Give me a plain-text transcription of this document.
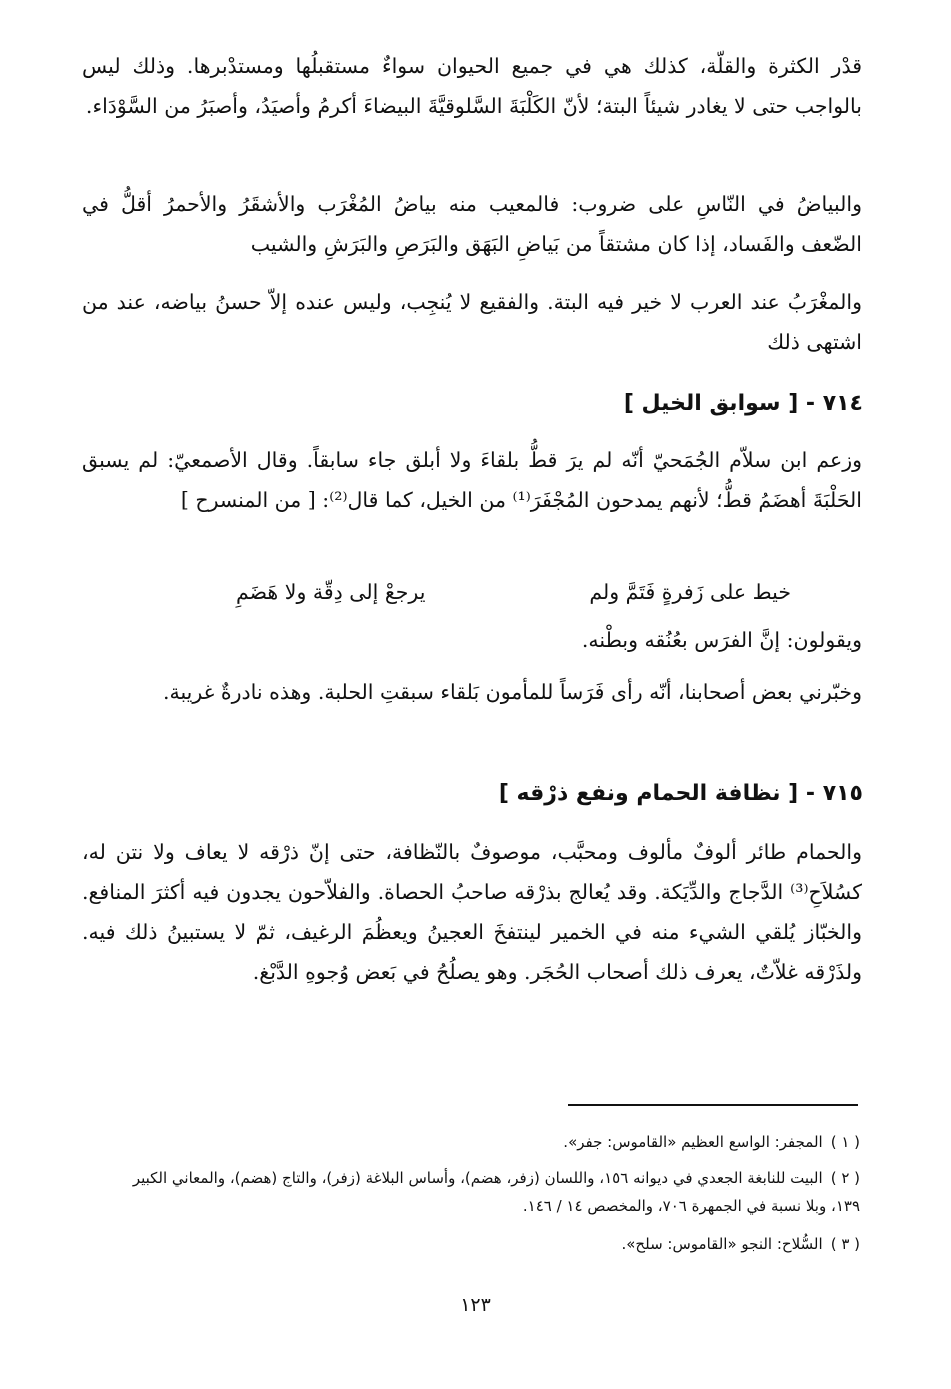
قدْر الكثرة والقلّة، كذلك هي في جميع الحيوان سواءٌ مستقبلُها ومستدْبرها. وذلك ليس بالواجب حتى لا يغادر شيئاً البتة؛ لأنّ الكَلْبَةَ السَّلوقيَّةَ البيضاءَ أكرمُ وأصيَدُ، وأصبَرُ من السَّوْدَاء.

والبياضُ في النّاسِ على ضروب: فالمعيب منه بياضُ المُغْرَب والأشقَرُ والأحمرُ أقلُّ في الضّعف والفَساد، إذا كان مشتقاً من بَياضِ البَهَق والبَرَصِ والبَرَشِ والشيب

والمغْرَبُ عند العرب لا خير فيه البتة. والفقيع لا يُنجِب، وليس عنده إلاّ حسنُ بياضه، عند من اشتهى ذلك

٧١٤ - [ سوابق الخيل ]

وزعم ابن سلاّم الجُمَحيّ أنّه لم يرَ قطُّ بلقاءَ ولا أبلق جاء سابقاً. وقال الأصمعيّ: لم يسبق الحَلْبَةَ أهضَمُ قطُّ؛ لأنهم يمدحون المُجْفَرَ⁽¹⁾ من الخيل، كما قال⁽²⁾: [ من المنسرح ]

خيط على زَفرةٍ فَتَمَّ ولم
يرجعْ إلى دِقّة ولا هَضَمِ

ويقولون: إنَّ الفرَس بعُنُقه وبطْنه.

وخبّرني بعض أصحابنا، أنّه رأى فَرَساً للمأمون بَلقاء سبقتِ الحلبة. وهذه نادرةٌ غريبة.

٧١٥ - [ نظافة الحمام ونفع ذرْقه ]

والحمام طائر ألوفٌ مألوف ومحبَّب، موصوفٌ بالنّظافة، حتى إنّ ذرْقه لا يعاف ولا نتن له، كسُلاَحِ⁽³⁾ الدَّجاج والدِّيَكة. وقد يُعالج بذرْقه صاحبُ الحصاة. والفلاّحون يجدون فيه أكثرَ المنافع. والخبّاز يُلقي الشيء منه في الخمير لينتفخَ العجينُ ويعظُمَ الرغيف، ثمّ لا يستبينُ ذلك فيه. ولذَرْقه غلاّتٌ، يعرف ذلك أصحاب الحُجَر. وهو يصلُحُ في بَعض وُجوهِ الدَّبْغ.

( ١ )المجفر: الواسع العظيم «القاموس: جفر».
( ٢ )البيت للنابغة الجعدي في ديوانه ١٥٦، واللسان (زفر، هضم)، وأساس البلاغة (زفر)، والتاج (هضم)، والمعاني الكبير ١٣٩، وبلا نسبة في الجمهرة ٧٠٦، والمخصص ١٤ / ١٤٦.
( ٣ )السُّلاح: النجو «القاموس: سلح».
١٢٣
